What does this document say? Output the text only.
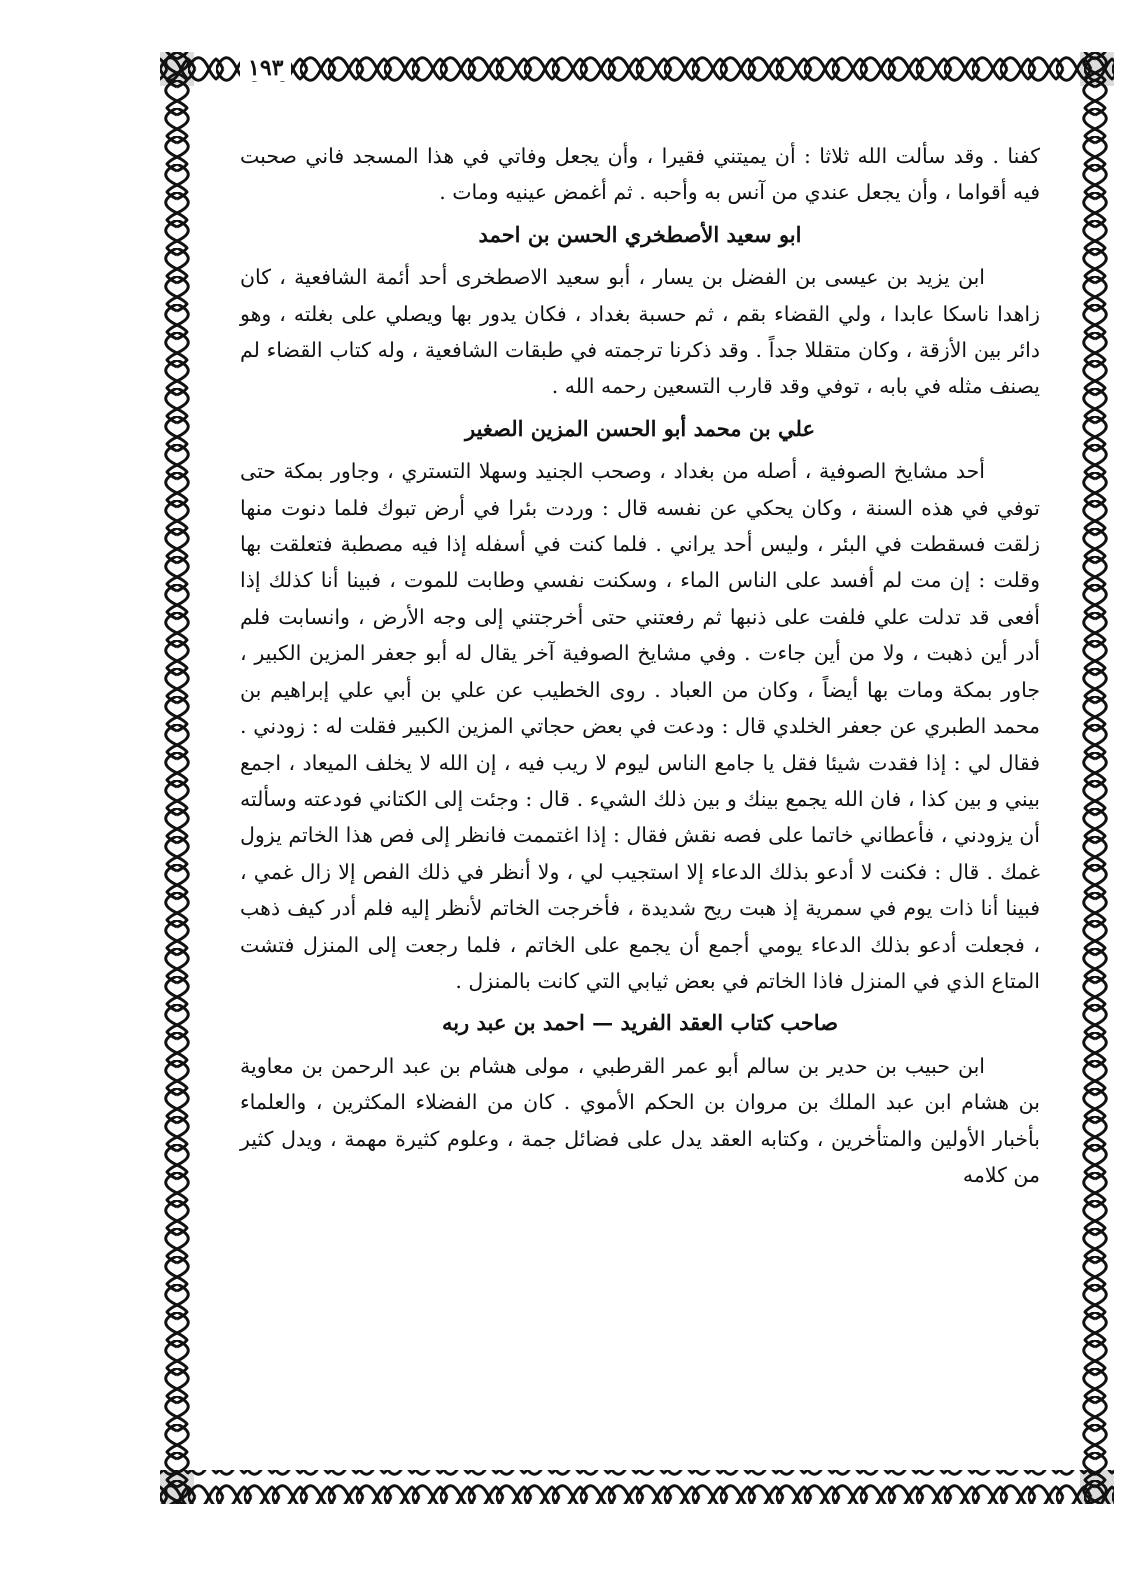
١٩٣

كفنا . وقد سألت الله ثلاثا : أن يميتني فقيرا ، وأن يجعل وفاتي في هذا المسجد فاني صحبت فيه أقواما ، وأن يجعل عندي من آنس به وأحبه . ثم أغمض عينيه ومات .

ابو سعيد الأصطخري الحسن بن احمد

ابن يزيد بن عيسى بن الفضل بن يسار ، أبو سعيد الاصطخرى أحد أئمة الشافعية ، كان زاهدا ناسكا عابدا ، ولي القضاء بقم ، ثم حسبة بغداد ، فكان يدور بها ويصلي على بغلته ، وهو دائر بين الأزقة ، وكان متقللا جداً . وقد ذكرنا ترجمته في طبقات الشافعية ، وله كتاب القضاء لم يصنف مثله في بابه ، توفي وقد قارب التسعين رحمه الله .

علي بن محمد أبو الحسن المزين الصغير

أحد مشايخ الصوفية ، أصله من بغداد ، وصحب الجنيد وسهلا التستري ، وجاور بمكة حتى توفي في هذه السنة ، وكان يحكي عن نفسه قال : وردت بئرا في أرض تبوك فلما دنوت منها زلقت فسقطت في البئر ، وليس أحد يراني . فلما كنت في أسفله إذا فيه مصطبة فتعلقت بها وقلت : إن مت لم أفسد على الناس الماء ، وسكنت نفسي وطابت للموت ، فبينا أنا كذلك إذا أفعى قد تدلت علي فلفت على ذنبها ثم رفعتني حتى أخرجتني إلى وجه الأرض ، وانسابت فلم أدر أين ذهبت ، ولا من أين جاءت . وفي مشايخ الصوفية آخر يقال له أبو جعفر المزين الكبير ، جاور بمكة ومات بها أيضاً ، وكان من العباد . روى الخطيب عن علي بن أبي علي إبراهيم بن محمد الطبري عن جعفر الخلدي قال : ودعت في بعض حجاتي المزين الكبير فقلت له : زودني . فقال لي : إذا فقدت شيئا فقل يا جامع الناس ليوم لا ريب فيه ، إن الله لا يخلف الميعاد ، اجمع بيني و بين كذا ، فان الله يجمع بينك و بين ذلك الشيء . قال : وجئت إلى الكتاني فودعته وسألته أن يزودني ، فأعطاني خاتما على فصه نقش فقال : إذا اغتممت فانظر إلى فص هذا الخاتم يزول غمك . قال : فكنت لا أدعو بذلك الدعاء إلا استجيب لي ، ولا أنظر في ذلك الفص إلا زال غمي ، فبينا أنا ذات يوم في سمرية إذ هبت ريح شديدة ، فأخرجت الخاتم لأنظر إليه فلم أدر كيف ذهب ، فجعلت أدعو بذلك الدعاء يومي أجمع أن يجمع على الخاتم ، فلما رجعت إلى المنزل فتشت المتاع الذي في المنزل فاذا الخاتم في بعض ثيابي التي كانت بالمنزل .

صاحب كتاب العقد الفريد — احمد بن عبد ربه

ابن حبيب بن حدير بن سالم أبو عمر القرطبي ، مولى هشام بن عبد الرحمن بن معاوية بن هشام ابن عبد الملك بن مروان بن الحكم الأموي . كان من الفضلاء المكثرين ، والعلماء بأخبار الأولين والمتأخرين ، وكتابه العقد يدل على فضائل جمة ، وعلوم كثيرة مهمة ، ويدل كثير من كلامه
